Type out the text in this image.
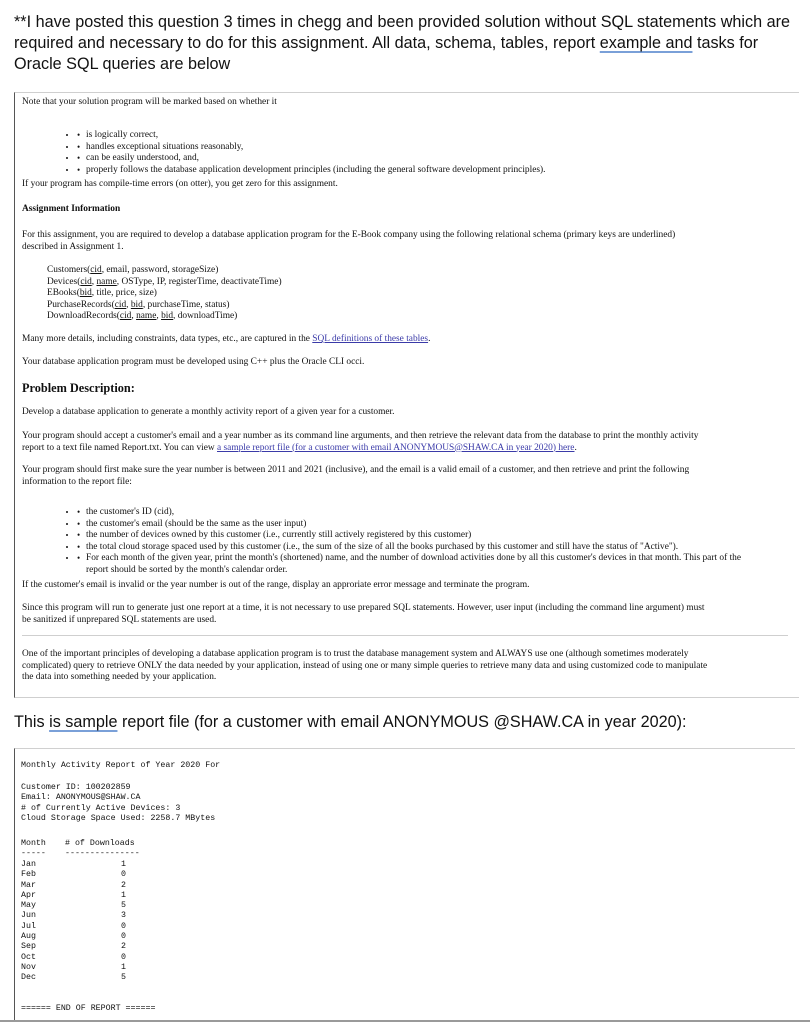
**I have posted this question 3 times in chegg and been provided solution without SQL statements which are
required and necessary to do for this assignment. All data, schema, tables, report example and tasks for
Oracle SQL queries are below
Note that your solution program will be marked based on whether it
• • is logically correct,
• • handles exceptional situations reasonably,
• • can be easily understood, and,
• • properly follows the database application development principles (including the general software development principles).
If your program has compile-time errors (on otter), you get zero for this assignment.
Assignment Information

For this assignment, you are required to develop a database application program for the E-Book company using the following relational schema (primary keys are underlined)

described in Assignment 1.

Customers(cid, email, password, storageSize)

Devices(cid, name, OSType, IP, registerTime, deactivateTime)

EBooks(bid, title, price, size)

PurchaseRecords(cid, bid, purchaseTime, status)

DownloadRecords(cid, name, bid, downloadTime)

Many more details, including constraints, data types, etc., are captured in the SQL definitions of these tables.
Your database application program must be developed using C++ plus the Oracle CLI occi.
Problem Description:
Develop a database application to generate a monthly activity report of a given year for a customer.

Your program should accept a customer's email and a year number as its command line arguments, and then retrieve the relevant data from the database to print the monthly activity

report to a text file named Report.txt. You can view a sample report file (for a customer with email ANONYMOUS@SHAW.CA in year 2020) here.

Your program should first make sure the year number is between 2011 and 2021 (inclusive), and the email is a valid email of a customer, and then retrieve and print the following

information to the report file:

• • the customer's ID (cid),
• • the customer's email (should be the same as the user input)
• • the number of devices owned by this customer (i.e., currently still actively registered by this customer)
• • the total cloud storage spaced used by this customer (i.e., the sum of the size of all the books purchased by this customer and still have the status of "Active").
• • For each month of the given year, print the month's (shortened) name, and the number of download activities done by all this customer's devices in that month. This part of the
report should be sorted by the month's calendar order.
If the customer's email is invalid or the year number is out of the range, display an approriate error message and terminate the program.

Since this program will run to generate just one report at a time, it is not necessary to use prepared SQL statements. However, user input (including the command line argument) must

be sanitized if unprepared SQL statements are used.

One of the important principles of developing a database application program is to trust the database management system and ALWAYS use one (although sometimes moderately

complicated) query to retrieve ONLY the data needed by your application, instead of using one or many simple queries to retrieve many data and using customized code to manipulate

the data into something needed by your application.

This is sample report file (for a customer with email ANONYMOUS @SHAW.CA in year 2020):
Monthly Activity Report of Year 2020 For
Customer ID: 100202859
Email: ANONYMOUS@SHAW.CA
# of Currently Active Devices: 3
Cloud Storage Space Used: 2258.7 MBytes
Month # of Downloads
----- ---------------
Jan
Feb
Mar
Apr
May
Jun
Jul
Aug
Sep
Oct
Nov
Dec
1
0
2
1
5
3
0
0
2
0
1
5
====== END OF REPORT ======
